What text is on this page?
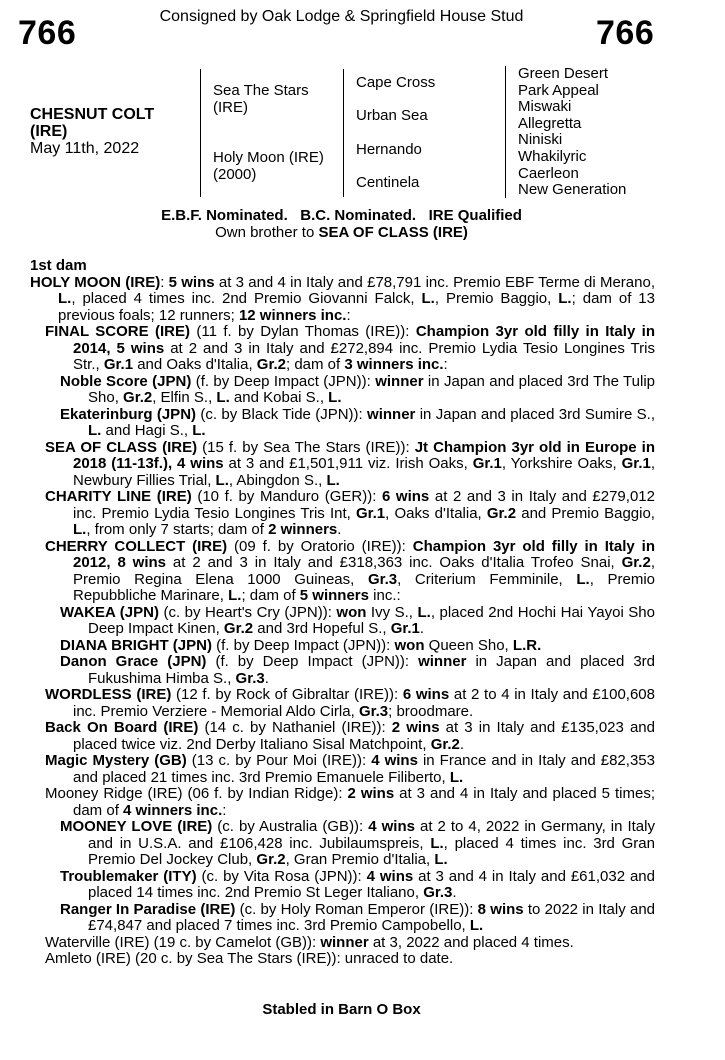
766	Consigned by Oak Lodge & Springfield House Stud	766
CHESNUT COLT
(IRE)
May 11th, 2022
Sea The Stars
(IRE)
Holy Moon (IRE)
(2000)
Cape Cross
Urban Sea
Hernando
Centinela
Green Desert
Park Appeal
Miswaki
Allegretta
Niniski
Whakilyric
Caerleon
New Generation
E.B.F. Nominated.   B.C. Nominated.   IRE Qualified
Own brother to SEA OF CLASS (IRE)
1st dam
HOLY MOON (IRE): 5 wins at 3 and 4 in Italy and £78,791 inc. Premio EBF Terme di Merano, L., placed 4 times inc. 2nd Premio Giovanni Falck, L., Premio Baggio, L.; dam of 13 previous foals; 12 runners; 12 winners inc.:
FINAL SCORE (IRE) (11 f. by Dylan Thomas (IRE)): Champion 3yr old filly in Italy in 2014, 5 wins at 2 and 3 in Italy and £272,894 inc. Premio Lydia Tesio Longines Tris Str., Gr.1 and Oaks d'Italia, Gr.2; dam of 3 winners inc.:
Noble Score (JPN) (f. by Deep Impact (JPN)): winner in Japan and placed 3rd The Tulip Sho, Gr.2, Elfin S., L. and Kobai S., L.
Ekaterinburg (JPN) (c. by Black Tide (JPN)): winner in Japan and placed 3rd Sumire S., L. and Hagi S., L.
SEA OF CLASS (IRE) (15 f. by Sea The Stars (IRE)): Jt Champion 3yr old in Europe in 2018 (11-13f.), 4 wins at 3 and £1,501,911 viz. Irish Oaks, Gr.1, Yorkshire Oaks, Gr.1, Newbury Fillies Trial, L., Abingdon S., L.
CHARITY LINE (IRE) (10 f. by Manduro (GER)): 6 wins at 2 and 3 in Italy and £279,012 inc. Premio Lydia Tesio Longines Tris Int, Gr.1, Oaks d'Italia, Gr.2 and Premio Baggio, L., from only 7 starts; dam of 2 winners.
CHERRY COLLECT (IRE) (09 f. by Oratorio (IRE)): Champion 3yr old filly in Italy in 2012, 8 wins at 2 and 3 in Italy and £318,363 inc. Oaks d'Italia Trofeo Snai, Gr.2, Premio Regina Elena 1000 Guineas, Gr.3, Criterium Femminile, L., Premio Repubbliche Marinare, L.; dam of 5 winners inc.:
WAKEA (JPN) (c. by Heart's Cry (JPN)): won Ivy S., L., placed 2nd Hochi Hai Yayoi Sho Deep Impact Kinen, Gr.2 and 3rd Hopeful S., Gr.1.
DIANA BRIGHT (JPN) (f. by Deep Impact (JPN)): won Queen Sho, L.R.
Danon Grace (JPN) (f. by Deep Impact (JPN)): winner in Japan and placed 3rd Fukushima Himba S., Gr.3.
WORDLESS (IRE) (12 f. by Rock of Gibraltar (IRE)): 6 wins at 2 to 4 in Italy and £100,608 inc. Premio Verziere - Memorial Aldo Cirla, Gr.3; broodmare.
Back On Board (IRE) (14 c. by Nathaniel (IRE)): 2 wins at 3 in Italy and £135,023 and placed twice viz. 2nd Derby Italiano Sisal Matchpoint, Gr.2.
Magic Mystery (GB) (13 c. by Pour Moi (IRE)): 4 wins in France and in Italy and £82,353 and placed 21 times inc. 3rd Premio Emanuele Filiberto, L.
Mooney Ridge (IRE) (06 f. by Indian Ridge): 2 wins at 3 and 4 in Italy and placed 5 times; dam of 4 winners inc.:
MOONEY LOVE (IRE) (c. by Australia (GB)): 4 wins at 2 to 4, 2022 in Germany, in Italy and in U.S.A. and £106,428 inc. Jubilaumspreis, L., placed 4 times inc. 3rd Gran Premio Del Jockey Club, Gr.2, Gran Premio d'Italia, L.
Troublemaker (ITY) (c. by Vita Rosa (JPN)): 4 wins at 3 and 4 in Italy and £61,032 and placed 14 times inc. 2nd Premio St Leger Italiano, Gr.3.
Ranger In Paradise (IRE) (c. by Holy Roman Emperor (IRE)): 8 wins to 2022 in Italy and £74,847 and placed 7 times inc. 3rd Premio Campobello, L.
Waterville (IRE) (19 c. by Camelot (GB)): winner at 3, 2022 and placed 4 times.
Amleto (IRE) (20 c. by Sea The Stars (IRE)): unraced to date.
Stabled in Barn O Box
